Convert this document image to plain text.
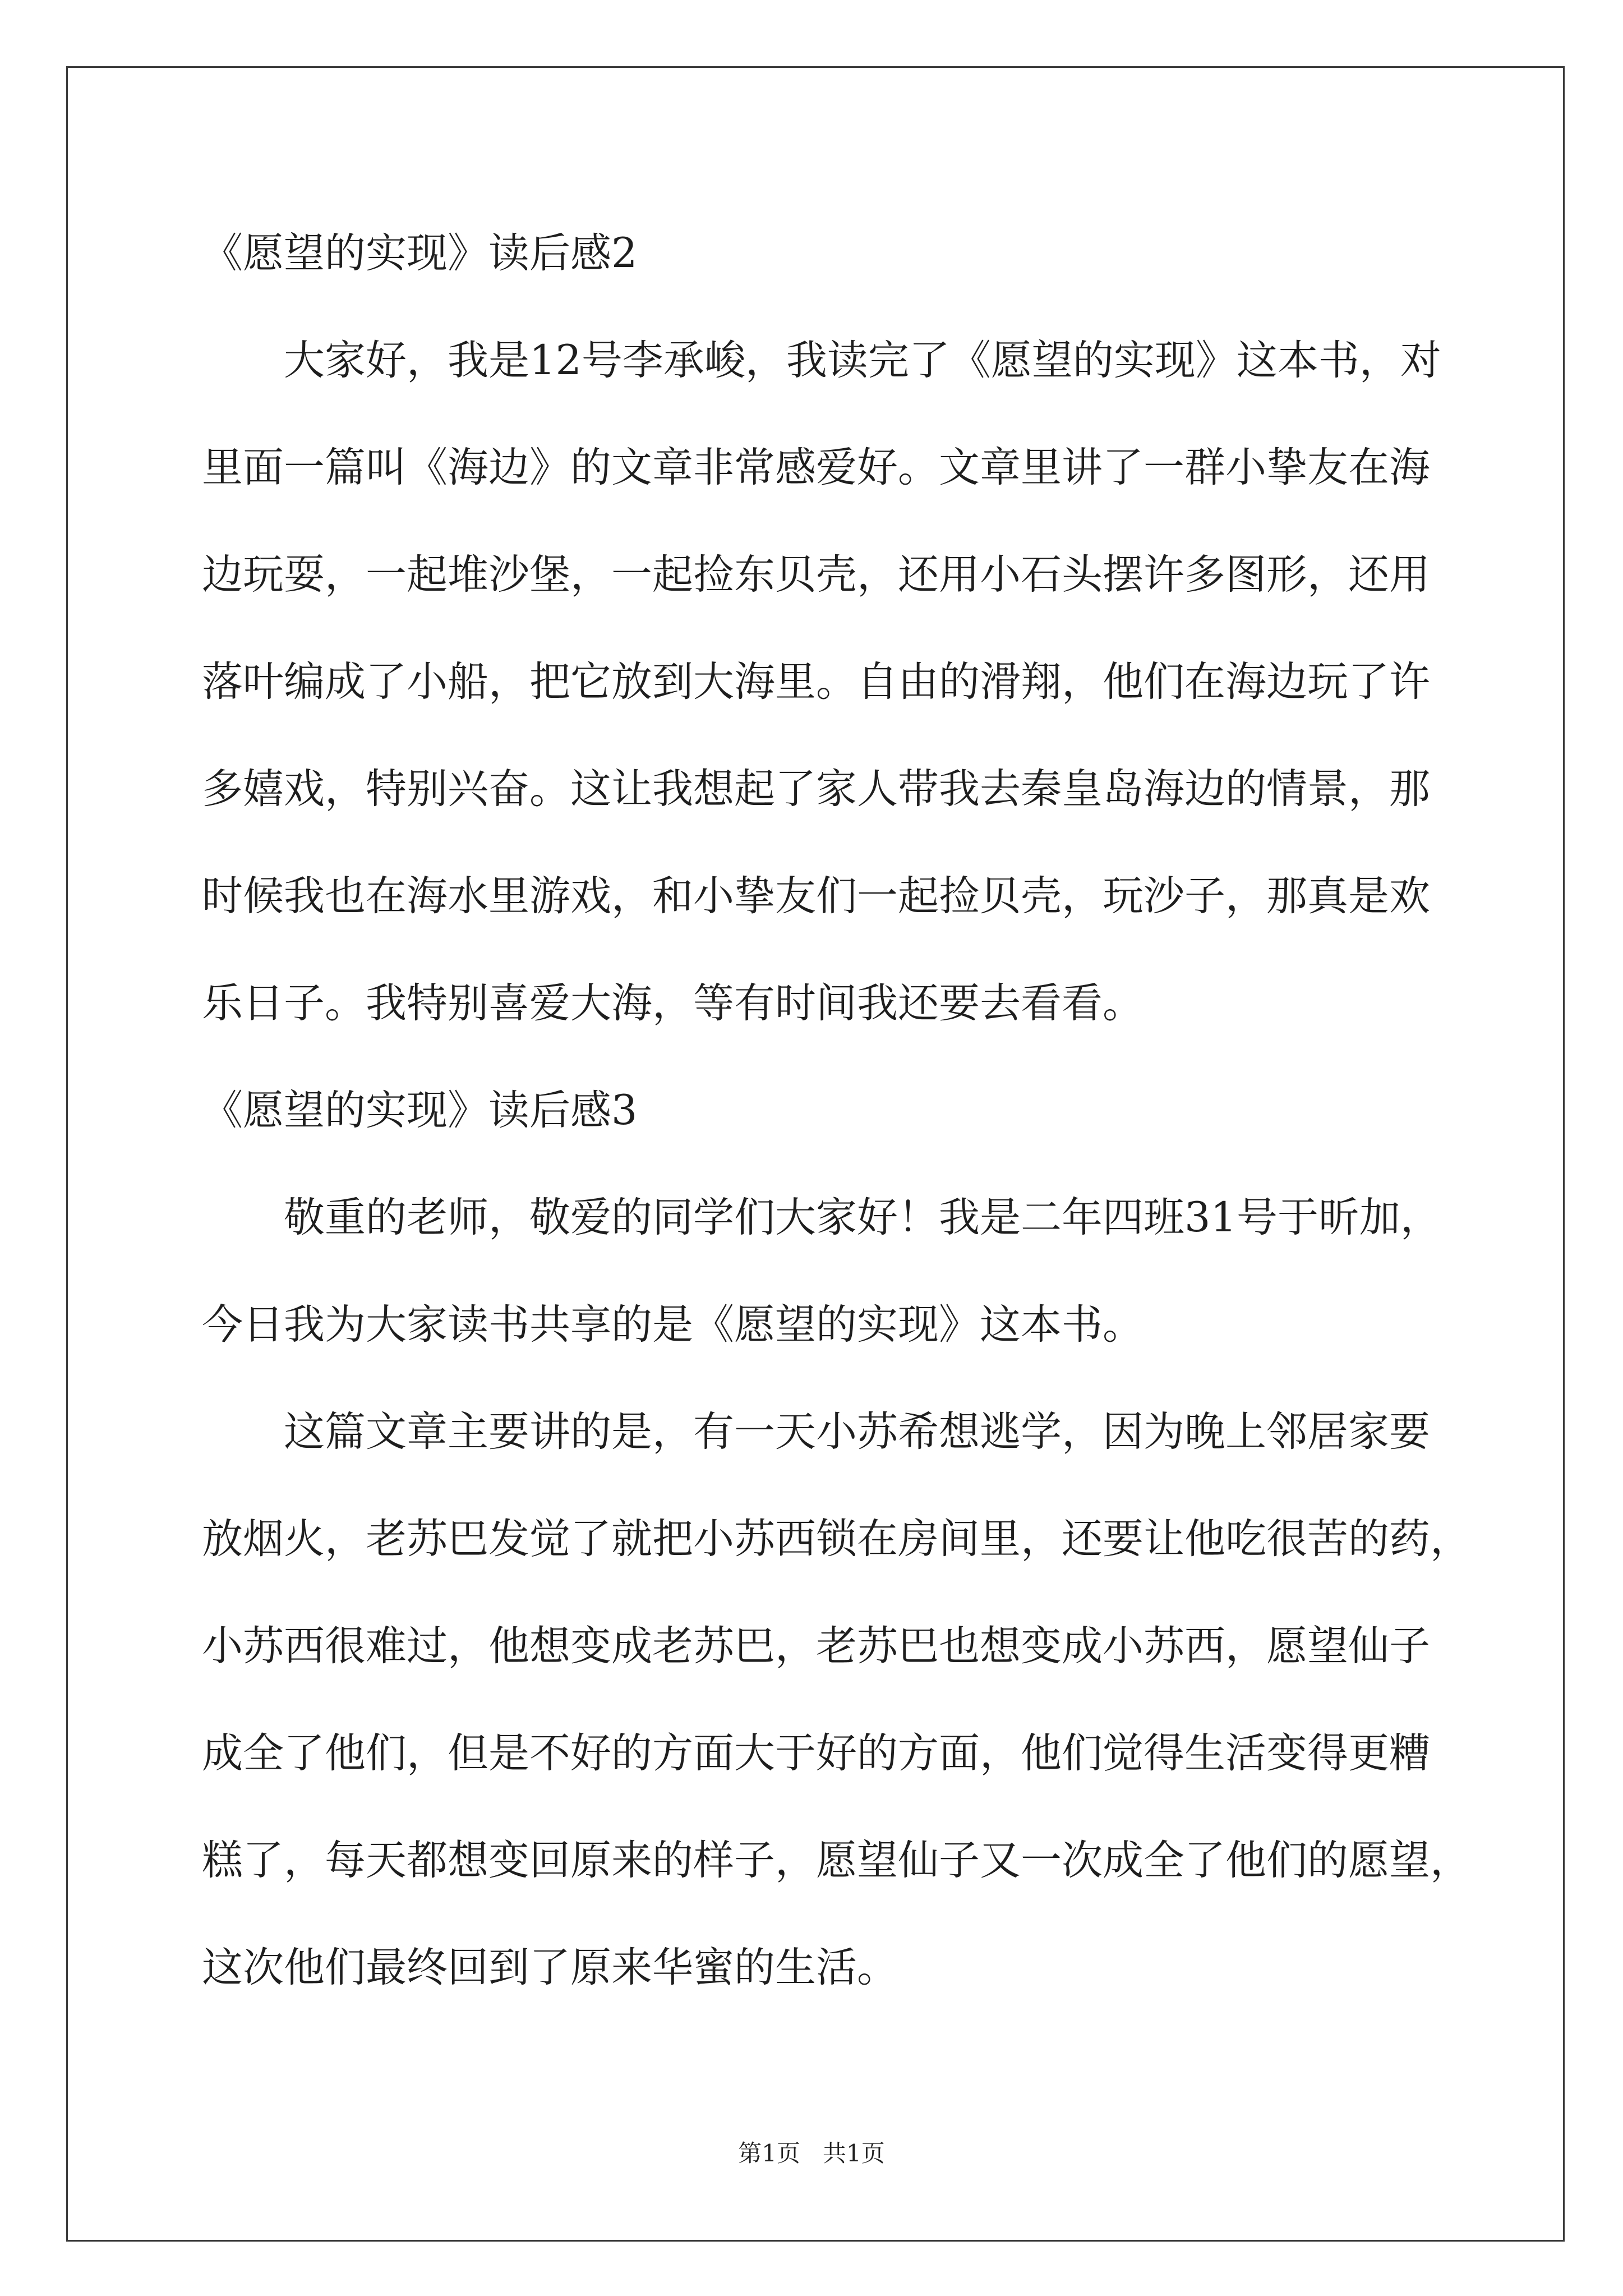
《愿望的实现》读后感2
大家好，我是12号李承峻，我读完了《愿望的实现》这本书，对
里面一篇叫《海边》的文章非常感爱好。文章里讲了一群小挚友在海
边玩耍，一起堆沙堡，一起捡东贝壳，还用小石头摆许多图形，还用
落叶编成了小船，把它放到大海里。自由的滑翔，他们在海边玩了许
多嬉戏，特别兴奋。这让我想起了家人带我去秦皇岛海边的情景，那
时候我也在海水里游戏，和小挚友们一起捡贝壳，玩沙子，那真是欢
乐日子。我特别喜爱大海，等有时间我还要去看看。
《愿望的实现》读后感3
敬重的老师，敬爱的同学们大家好！我是二年四班31号于昕加，
今日我为大家读书共享的是《愿望的实现》这本书。
这篇文章主要讲的是，有一天小苏希想逃学，因为晚上邻居家要
放烟火，老苏巴发觉了就把小苏西锁在房间里，还要让他吃很苦的药，
小苏西很难过，他想变成老苏巴，老苏巴也想变成小苏西，愿望仙子
成全了他们，但是不好的方面大于好的方面，他们觉得生活变得更糟
糕了，每天都想变回原来的样子，愿望仙子又一次成全了他们的愿望，
这次他们最终回到了原来华蜜的生活。
第1页   共1页
